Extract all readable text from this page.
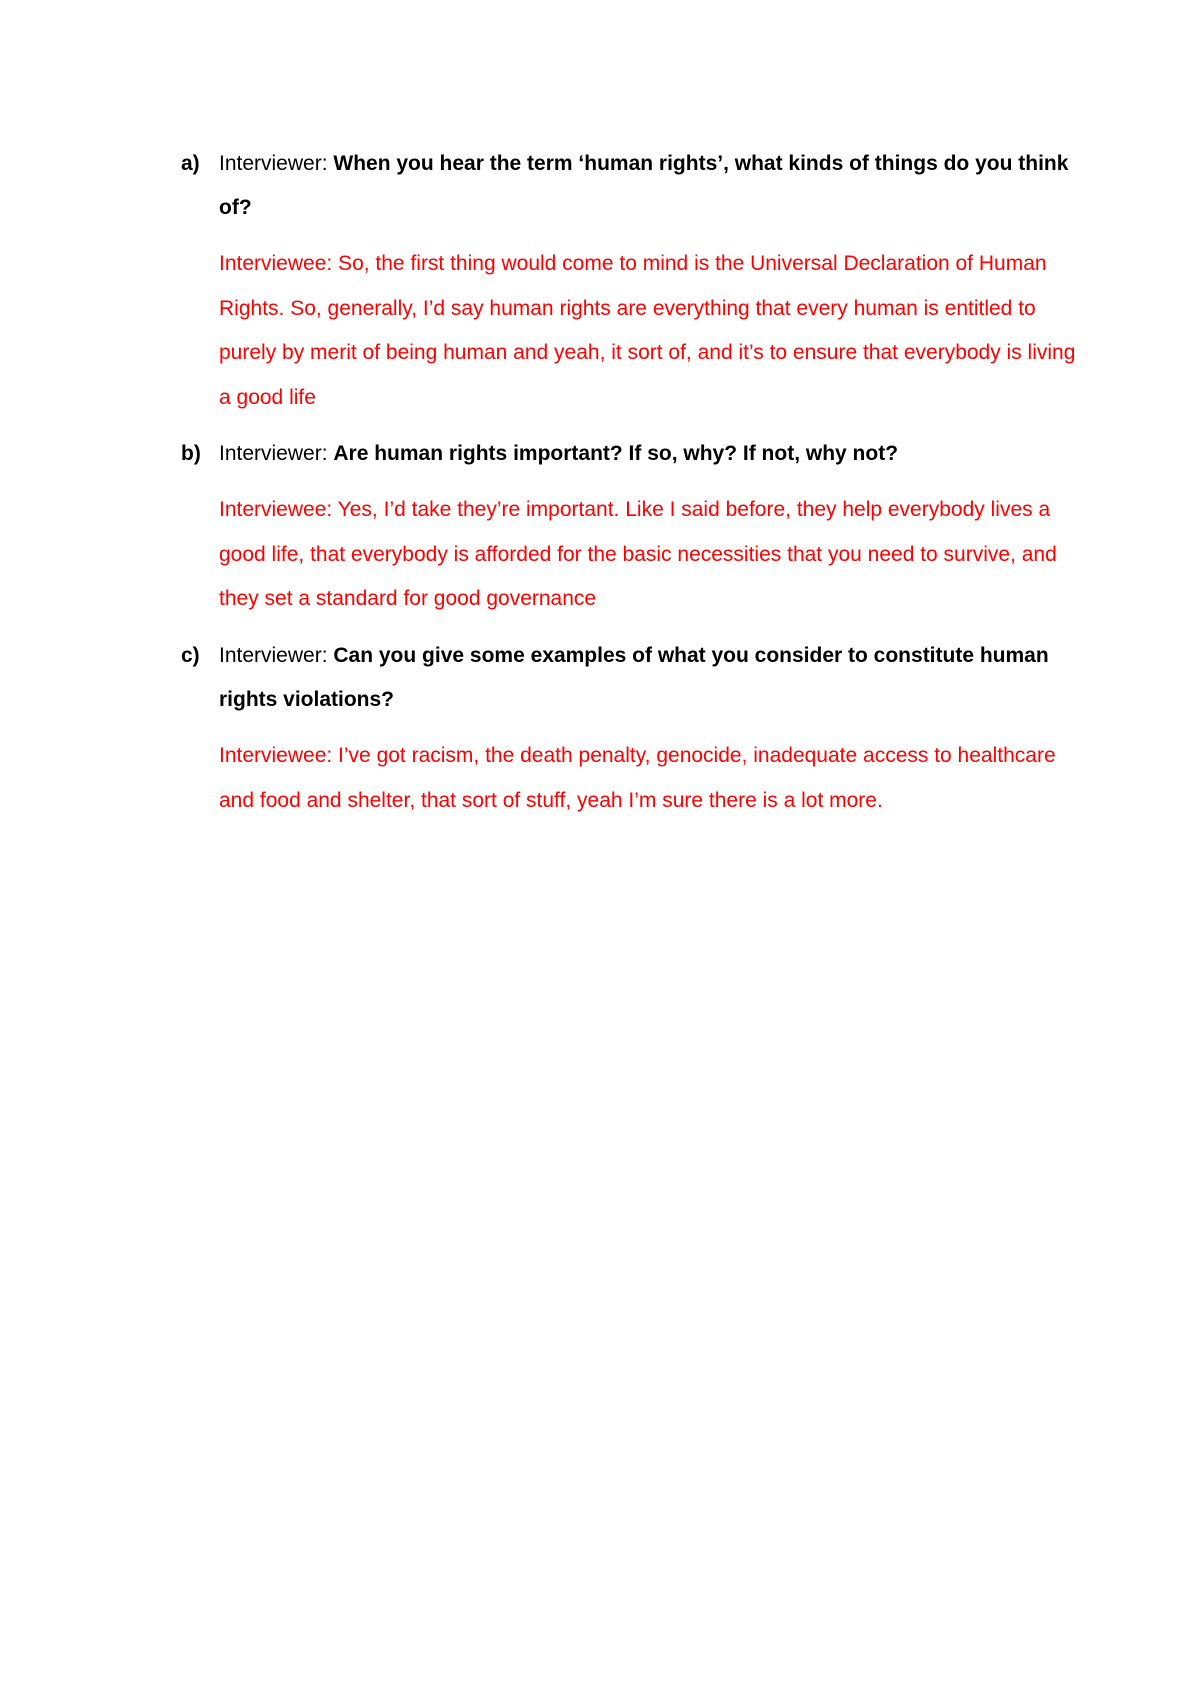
a) Interviewer: When you hear the term ‘human rights’, what kinds of things do you think of?
Interviewee: So, the first thing would come to mind is the Universal Declaration of Human Rights. So, generally, I’d say human rights are everything that every human is entitled to purely by merit of being human and yeah, it sort of, and it’s to ensure that everybody is living a good life
b) Interviewer: Are human rights important? If so, why? If not, why not?
Interviewee: Yes, I’d take they’re important. Like I said before, they help everybody lives a good life, that everybody is afforded for the basic necessities that you need to survive, and they set a standard for good governance
c) Interviewer: Can you give some examples of what you consider to constitute human rights violations?
Interviewee: I’ve got racism, the death penalty, genocide, inadequate access to healthcare and food and shelter, that sort of stuff, yeah I’m sure there is a lot more.
